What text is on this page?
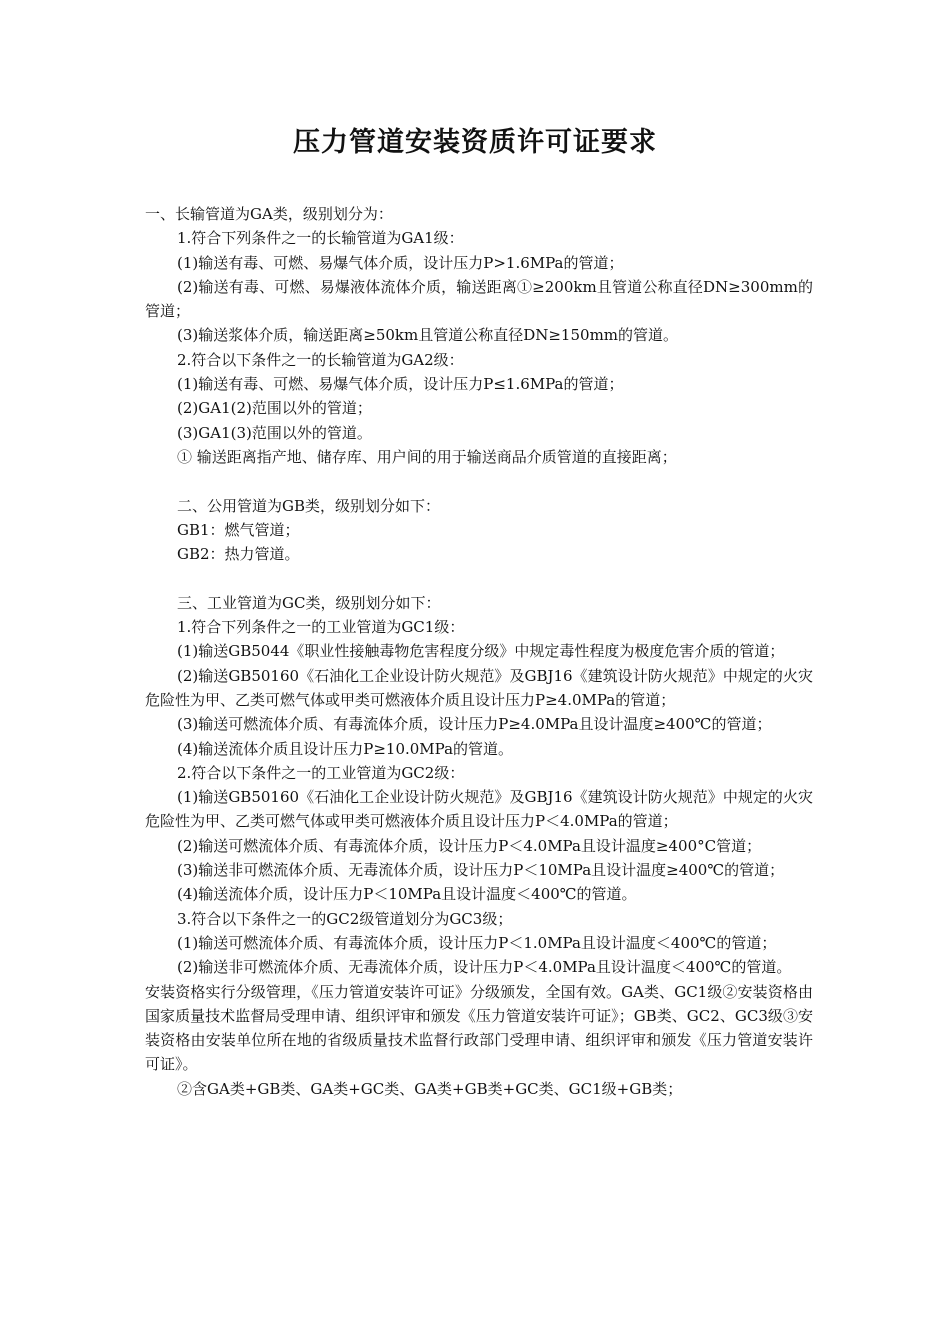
压力管道安装资质许可证要求

一、长输管道为GA类，级别划分为：

1.符合下列条件之一的长输管道为GA1级：

(1)输送有毒、可燃、易爆气体介质，设计压力P>1.6MPa的管道；

(2)输送有毒、可燃、易爆液体流体介质，输送距离①≥200km且管道公称直径DN≥300mm的管道；

(3)输送浆体介质，输送距离≥50km且管道公称直径DN≥150mm的管道。

2.符合以下条件之一的长输管道为GA2级：

(1)输送有毒、可燃、易爆气体介质，设计压力P≤1.6MPa的管道；

(2)GA1(2)范围以外的管道；

(3)GA1(3)范围以外的管道。

① 输送距离指产地、储存库、用户间的用于输送商品介质管道的直接距离；

二、公用管道为GB类，级别划分如下：

GB1：燃气管道；

GB2：热力管道。

三、工业管道为GC类，级别划分如下：

1.符合下列条件之一的工业管道为GC1级：

(1)输送GB5044《职业性接触毒物危害程度分级》中规定毒性程度为极度危害介质的管道；

(2)输送GB50160《石油化工企业设计防火规范》及GBJ16《建筑设计防火规范》中规定的火灾危险性为甲、乙类可燃气体或甲类可燃液体介质且设计压力P≥4.0MPa的管道；

(3)输送可燃流体介质、有毒流体介质，设计压力P≥4.0MPa且设计温度≥400℃的管道；

(4)输送流体介质且设计压力P≥10.0MPa的管道。

2.符合以下条件之一的工业管道为GC2级：

(1)输送GB50160《石油化工企业设计防火规范》及GBJ16《建筑设计防火规范》中规定的火灾危险性为甲、乙类可燃气体或甲类可燃液体介质且设计压力P＜4.0MPa的管道；

(2)输送可燃流体介质、有毒流体介质，设计压力P＜4.0MPa且设计温度≥400°C管道；

(3)输送非可燃流体介质、无毒流体介质，设计压力P＜10MPa且设计温度≥400℃的管道；

(4)输送流体介质，设计压力P＜10MPa且设计温度＜400℃的管道。

3.符合以下条件之一的GC2级管道划分为GC3级；

(1)输送可燃流体介质、有毒流体介质，设计压力P＜1.0MPa且设计温度＜400℃的管道；

(2)输送非可燃流体介质、无毒流体介质，设计压力P＜4.0MPa且设计温度＜400℃的管道。

安装资格实行分级管理，《压力管道安装许可证》分级颁发，全国有效。GA类、GC1级②安装资格由国家质量技术监督局受理申请、组织评审和颁发《压力管道安装许可证》；GB类、GC2、GC3级③安装资格由安装单位所在地的省级质量技术监督行政部门受理申请、组织评审和颁发《压力管道安装许可证》。

②含GA类+GB类、GA类+GC类、GA类+GB类+GC类、GC1级+GB类；
